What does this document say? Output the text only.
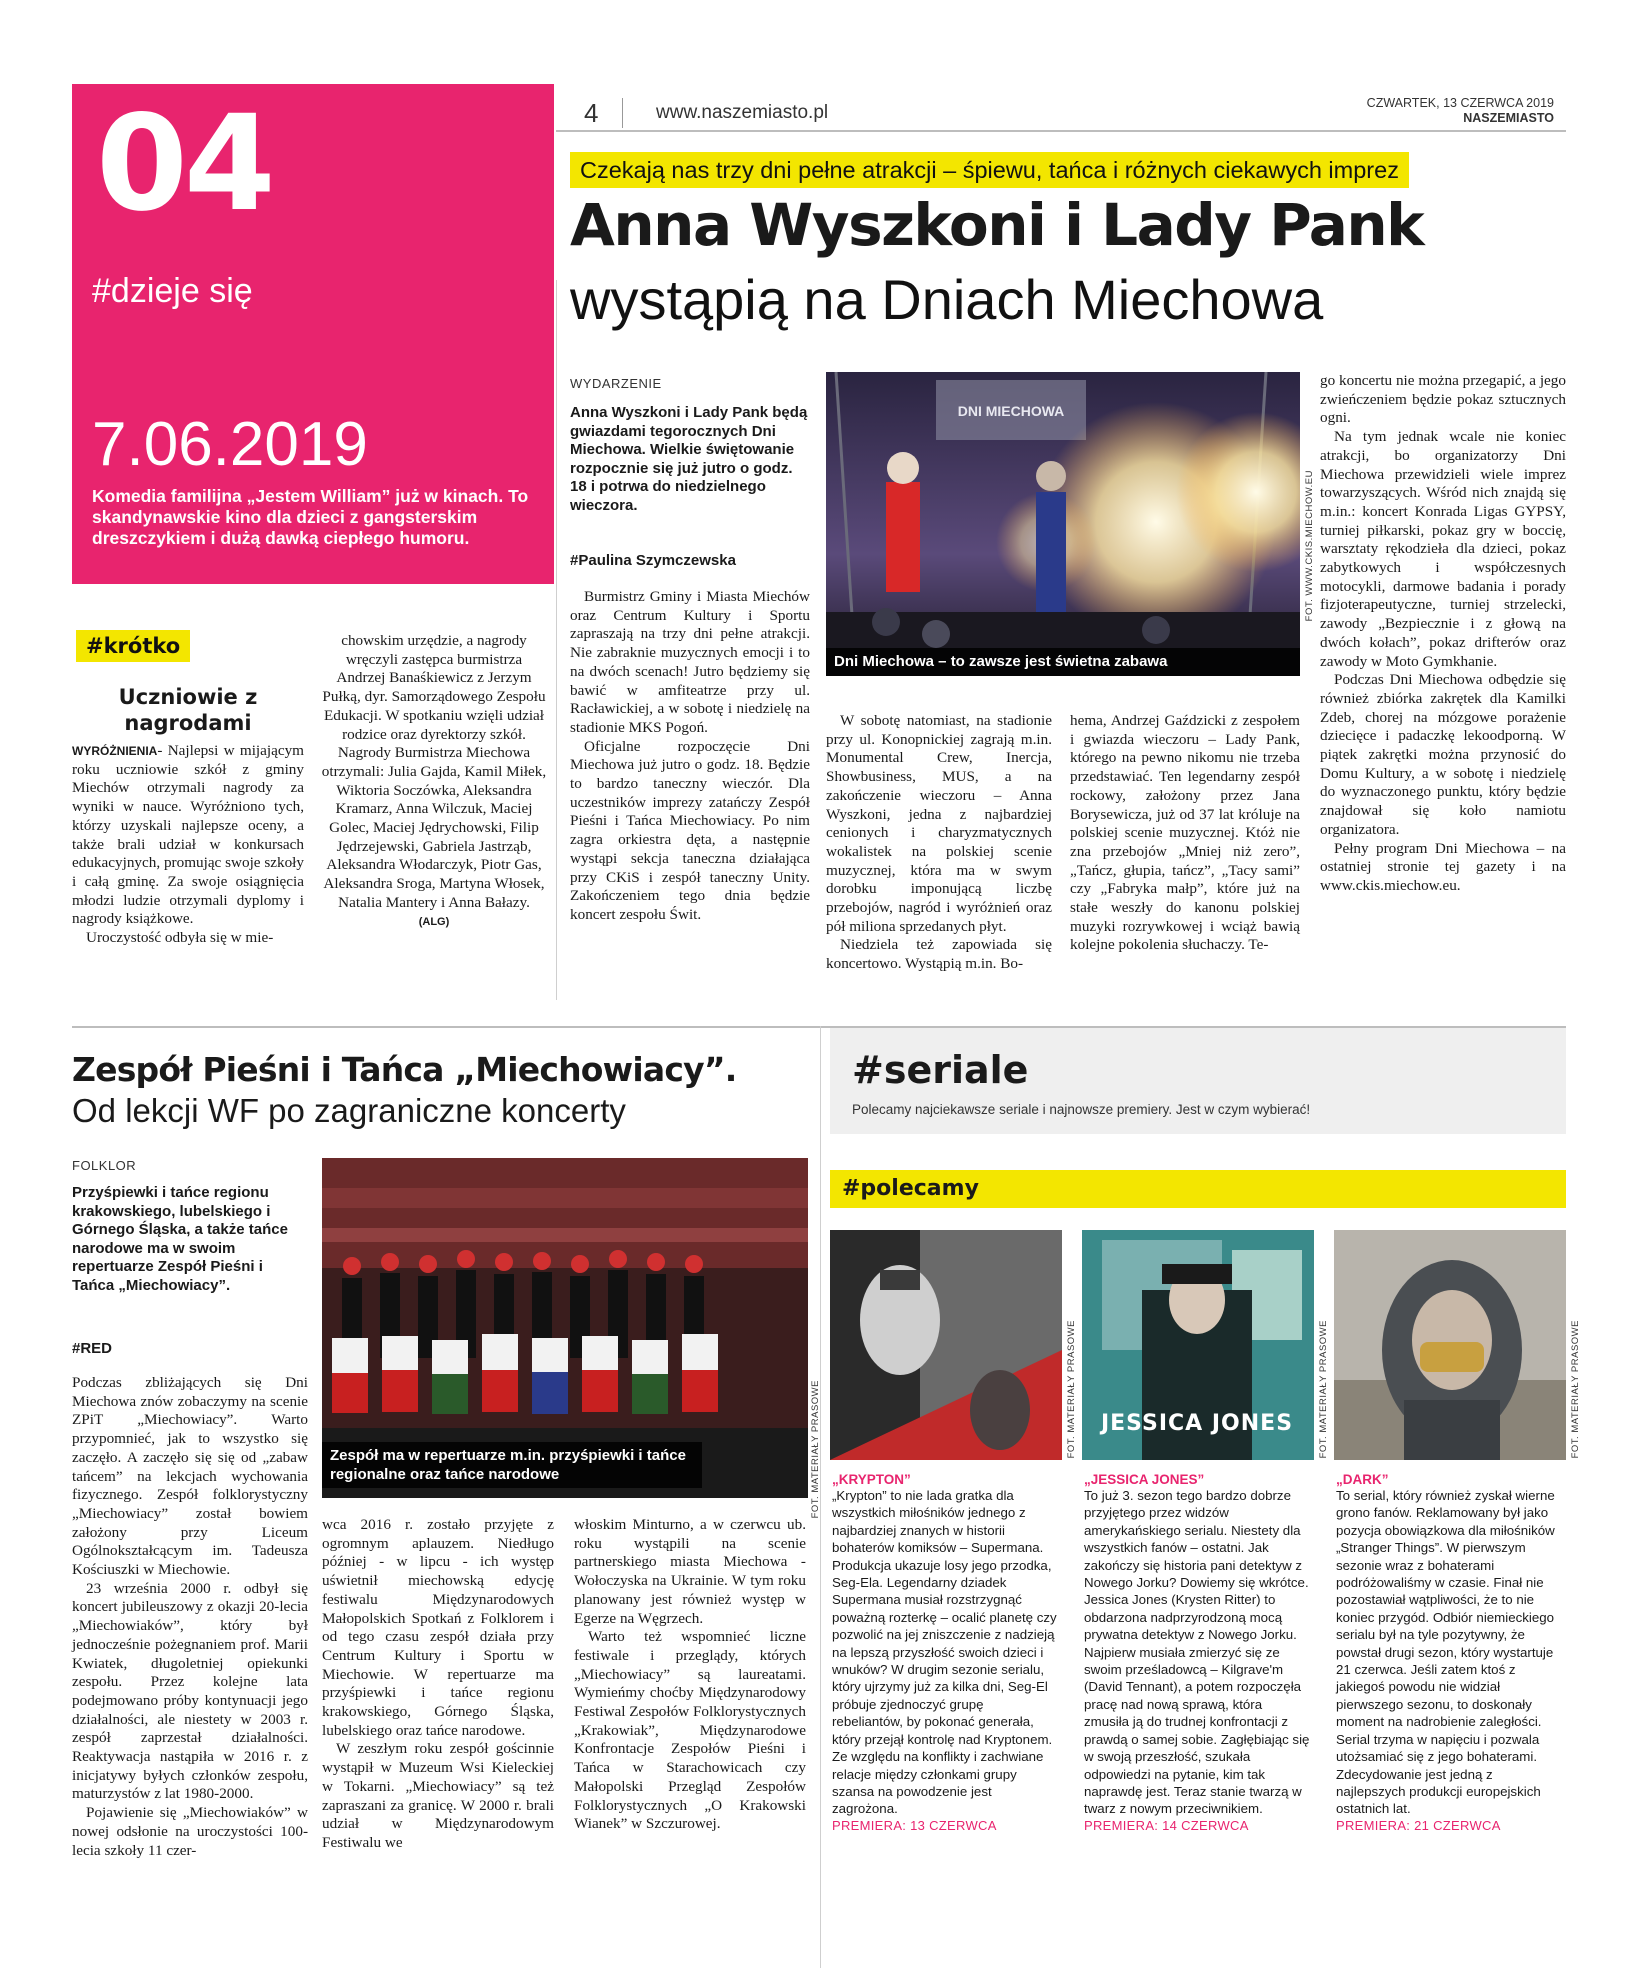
04
#dzieje się
7.06.2019
Komedia familijna „Jestem William” już w kinach. To skandynawskie kino dla dzieci z gangsterskim dreszczykiem i dużą dawką ciepłego humoru.
4	www.naszemiasto.pl	CZWARTEK, 13 CZERWCA 2019
NASZEMIASTO
Czekają nas trzy dni pełne atrakcji – śpiewu, tańca i różnych ciekawych imprez
Anna Wyszkoni i Lady Pank
wystąpią na Dniach Miechowa
WYDARZENIE
Anna Wyszkoni i Lady Pank będą gwiazdami tegorocznych Dni Miechowa. Wielkie świętowanie rozpocznie się już jutro o godz. 18 i potrwa do niedzielnego wieczora.
#Paulina Szymczewska

Burmistrz Gminy i Miasta Miechów oraz Centrum Kultury i Sportu zapraszają na trzy dni pełne atrakcji. Nie zabraknie muzycznych emocji i to na dwóch scenach! Jutro będziemy się bawić w amfiteatrze przy ul. Racławickiej, a w sobotę i niedzielę na stadionie MKS Pogoń.

Oficjalne rozpoczęcie Dni Miechowa już jutro o godz. 18. Będzie to bardzo taneczny wieczór. Dla uczestników imprezy zatańczy Zespół Pieśni i Tańca Miechowiacy. Po nim zagra orkiestra dęta, a następnie wystąpi sekcja taneczna działająca przy CKiS i zespół taneczny Unity. Zakończeniem tego dnia będzie koncert zespołu Świt.

DNI MIECHOWA
Dni Miechowa – to zawsze jest świetna zabawa
FOT. WWW.CKIS.MIECHOW.EU

W sobotę natomiast, na stadionie przy ul. Konopnickiej zagrają m.in. Monumental Crew, Inercja, Showbusiness, MUS, a na zakończenie wieczoru – Anna Wyszkoni, jedna z najbardziej cenionych i charyzmatycznych wokalistek na polskiej scenie muzycznej, która ma w swym dorobku imponującą liczbę przebojów, nagród i wyróżnień oraz pół miliona sprzedanych płyt.

Niedziela też zapowiada się koncertowo. Wystąpią m.in. Bo-

hema, Andrzej Gaździcki z zespołem i gwiazda wieczoru – Lady Pank, którego na pewno nikomu nie trzeba przedstawiać. Ten legendarny zespół rockowy, założony przez Jana Borysewicza, już od 37 lat króluje na polskiej scenie muzycznej. Któż nie zna przebojów „Mniej niż zero”, „Tańcz, głupia, tańcz”, „Tacy sami” czy „Fabryka małp”, które już na stałe weszły do kanonu polskiej muzyki rozrywkowej i wciąż bawią kolejne pokolenia słuchaczy. Te-

go koncertu nie można przegapić, a jego zwieńczeniem będzie pokaz sztucznych ogni.

Na tym jednak wcale nie koniec atrakcji, bo organizatorzy Dni Miechowa przewidzieli wiele imprez towarzyszących. Wśród nich znajdą się m.in.: koncert Konrada Ligas GYPSY, turniej piłkarski, pokaz gry w boccię, warsztaty rękodzieła dla dzieci, pokaz zabytkowych i współczesnych motocykli, darmowe badania i porady fizjoterapeutyczne, turniej strzelecki, zawody „Bezpiecznie i z głową na dwóch kołach”, pokaz drifterów oraz zawody w Moto Gymkhanie.

Podczas Dni Miechowa odbędzie się również zbiórka zakrętek dla Kamilki Zdeb, chorej na mózgowe porażenie dziecięce i padaczkę lekoodporną. W piątek zakrętki można przynosić do Domu Kultury, a w sobotę i niedzielę do wyznaczonego punktu, który będzie znajdował się koło namiotu organizatora.

Pełny program Dni Miechowa – na ostatniej stronie tej gazety i na www.ckis.miechow.eu.

#krótko
Uczniowie z nagrodami

WYRÓŻNIENIA- Najlepsi w mijającym roku uczniowie szkół z gminy Miechów otrzymali nagrody za wyniki w nauce. Wyróżniono tych, którzy uzyskali najlepsze oceny, a także brali udział w konkursach edukacyjnych, promując swoje szkoły i całą gminę. Za swoje osiągnięcia młodzi ludzie otrzymali dyplomy i nagrody książkowe.

Uroczystość odbyła się w mie-

chowskim urzędzie, a nagrody wręczyli zastępca burmistrza Andrzej Banaśkiewicz z Jerzym Pułką, dyr. Samorządowego Zespołu Edukacji. W spotkaniu wzięli udział rodzice oraz dyrektorzy szkół. Nagrody Burmistrza Miechowa otrzymali: Julia Gajda, Kamil Miłek, Wiktoria Soczówka, Aleksandra Kramarz, Anna Wilczuk, Maciej Golec, Maciej Jędrychowski, Filip Jędrzejewski, Gabriela Jastrząb, Aleksandra Włodarczyk, Piotr Gas, Aleksandra Sroga, Martyna Włosek, Natalia Mantery i Anna Bałazy.

(ALG)

Zespół Pieśni i Tańca „Miechowiacy”.
Od lekcji WF po zagraniczne koncerty
FOLKLOR
Przyśpiewki i tańce regionu krakowskiego, lubelskiego i Górnego Śląska, a także tańce narodowe ma w swoim repertuarze Zespół Pieśni i Tańca „Miechowiacy”.
#RED

Podczas zbliżających się Dni Miechowa znów zobaczymy na scenie ZPiT „Miechowiacy”. Warto przypomnieć, jak to wszystko się zaczęło. A zaczęło się się od „zabaw tańcem” na lekcjach wychowania fizycznego. Zespół folklorystyczny „Miechowiacy” został bowiem założony przy Liceum Ogólnokształcącym im. Tadeusza Kościuszki w Miechowie.

23 września 2000 r. odbył się koncert jubileuszowy z okazji 20-lecia „Miechowiaków”, który był jednocześnie pożegnaniem prof. Marii Kwiatek, długoletniej opiekunki zespołu. Przez kolejne lata podejmowano próby kontynuacji jego działalności, ale niestety w 2003 r. zespół zaprzestał działalności. Reaktywacja nastąpiła w 2016 r. z inicjatywy byłych członków zespołu, maturzystów z lat 1980-2000.

Pojawienie się „Miechowiaków” w nowej odsłonie na uroczystości 100-lecia szkoły 11 czer-

Zespół ma w repertuarze m.in. przyśpiewki i tańce regionalne oraz tańce narodowe	FOT. MATERIAŁY PRASOWE

wca 2016 r. zostało przyjęte z ogromnym aplauzem. Niedługo później - w lipcu - ich występ uświetnił miechowską edycję festiwalu Międzynarodowych Małopolskich Spotkań z Folklorem i od tego czasu zespół działa przy Centrum Kultury i Sportu w Miechowie. W repertuarze ma przyśpiewki i tańce regionu krakowskiego, Górnego Śląska, lubelskiego oraz tańce narodowe.

W zeszłym roku zespół gościnnie wystąpił w Muzeum Wsi Kieleckiej w Tokarni. „Miechowiacy” są też zapraszani za granicę. W 2000 r. brali udział w Międzynarodowym Festiwalu we

włoskim Minturno, a w czerwcu ub. roku wystąpili na scenie partnerskiego miasta Miechowa - Wołoczyska na Ukrainie. W tym roku planowany jest również występ w Egerze na Węgrzech.

Warto też wspomnieć liczne festiwale i przeglądy, których „Miechowiacy” są laureatami. Wymieńmy choćby Międzynarodowy Festiwal Zespołów Folklorystycznych „Krakowiak”, Międzynarodowe Konfrontacje Zespołów Pieśni i Tańca w Starachowicach czy Małopolski Przegląd Zespołów Folklorystycznych „O Krakowski Wianek” w Szczurowej.

#seriale
Polecamy najciekawsze seriale i najnowsze premiery. Jest w czym wybierać!
#polecamy
FOT. MATERIAŁY PRASOWE
„KRYPTON”
„Krypton” to nie lada gratka dla wszystkich miłośników jednego z najbardziej znanych w historii bohaterów komiksów – Supermana. Produkcja ukazuje losy jego przodka, Seg-Ela. Legendarny dziadek Supermana musiał rozstrzygnąć poważną rozterkę – ocalić planetę czy pozwolić na jej zniszczenie z nadzieją na lepszą przyszłość swoich dzieci i wnuków? W drugim sezonie serialu, który ujrzymy już za kilka dni, Seg-El próbuje zjednoczyć grupę rebeliantów, by pokonać generała, który przejął kontrolę nad Kryptonem. Ze względu na konflikty i zachwiane relacje między członkami grupy szansa na powodzenie jest zagrożona.
PREMIERA: 13 CZERWCA
JESSICA JONES	FOT. MATERIAŁY PRASOWE
„JESSICA JONES”
To już 3. sezon tego bardzo dobrze przyjętego przez widzów amerykańskiego serialu. Niestety dla wszystkich fanów – ostatni. Jak zakończy się historia pani detektyw z Nowego Jorku? Dowiemy się wkrótce. Jessica Jones (Krysten Ritter) to obdarzona nadprzyrodzoną mocą prywatna detektyw z Nowego Jorku. Najpierw musiała zmierzyć się ze swoim prześladowcą – Kilgrave'm (David Tennant), a potem rozpoczęła pracę nad nową sprawą, która zmusiła ją do trudnej konfrontacji z prawdą o samej sobie. Zagłębiając się w swoją przeszłość, szukała odpowiedzi na pytanie, kim tak naprawdę jest. Teraz stanie twarzą w twarz z nowym przeciwnikiem.
PREMIERA: 14 CZERWCA
FOT. MATERIAŁY PRASOWE
„DARK”
To serial, który również zyskał wierne grono fanów. Reklamowany był jako pozycja obowiązkowa dla miłośników „Stranger Things”. W pierwszym sezonie wraz z bohaterami podróżowaliśmy w czasie. Finał nie pozostawiał wątpliwości, że to nie koniec przygód. Odbiór niemieckiego serialu był na tyle pozytywny, że powstał drugi sezon, który wystartuje 21 czerwca. Jeśli zatem ktoś z jakiegoś powodu nie widział pierwszego sezonu, to doskonały moment na nadrobienie zaległości. Serial trzyma w napięciu i pozwala utożsamiać się z jego bohaterami. Zdecydowanie jest jedną z najlepszych produkcji europejskich ostatnich lat.
PREMIERA: 21 CZERWCA
